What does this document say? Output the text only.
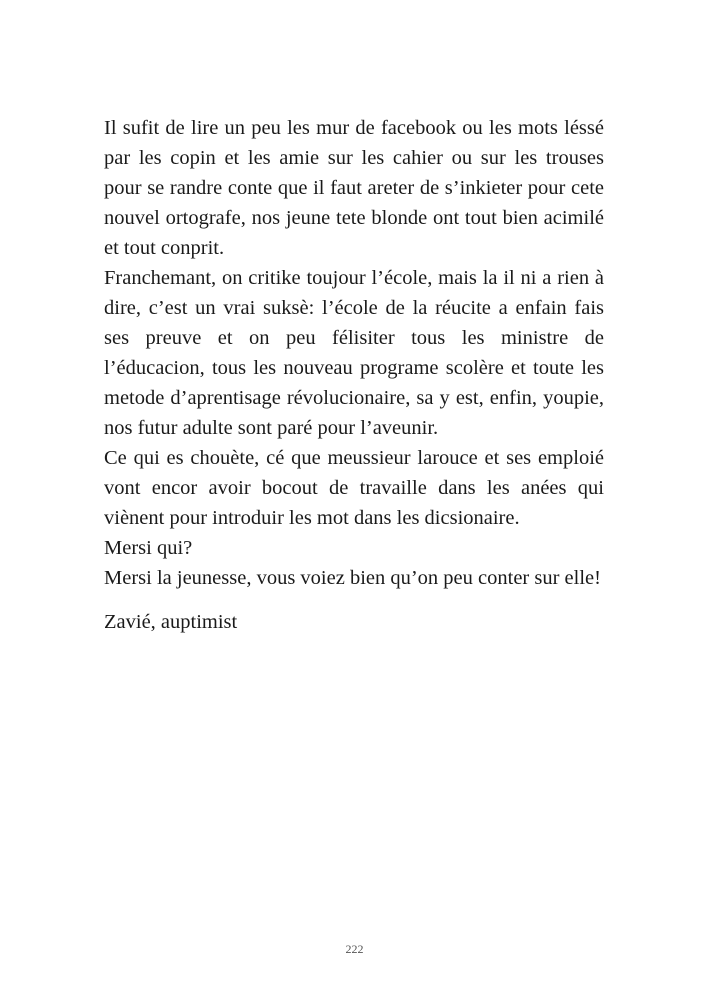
Il sufit de lire un peu les mur de facebook ou les mots léssé par les copin et les amie sur les cahier ou sur les trouses pour se randre conte que il faut areter de s’inkieter pour cete nouvel ortografe, nos jeune tete blonde ont tout bien acimilé et tout conprit.

Franchemant, on critike toujour l’école, mais la il ni a rien à dire, c’est un vrai suksè: l’école de la réucite a enfain fais ses preuve et on peu félisiter tous les ministre de l’éducacion, tous les nouveau programe scolère et toute les metode d’aprentisage révolucionaire, sa y est, enfin, youpie, nos futur adulte sont paré pour l’aveunir.

Ce qui es chouète, cé que meussieur larouce et ses emploié vont encor avoir bocout de travaille dans les anées qui viènent pour introduir les mot dans les dicsionaire.

Mersi qui?

Mersi la jeunesse, vous voiez bien qu’on peu conter sur elle!

Zavié, auptimist

222
